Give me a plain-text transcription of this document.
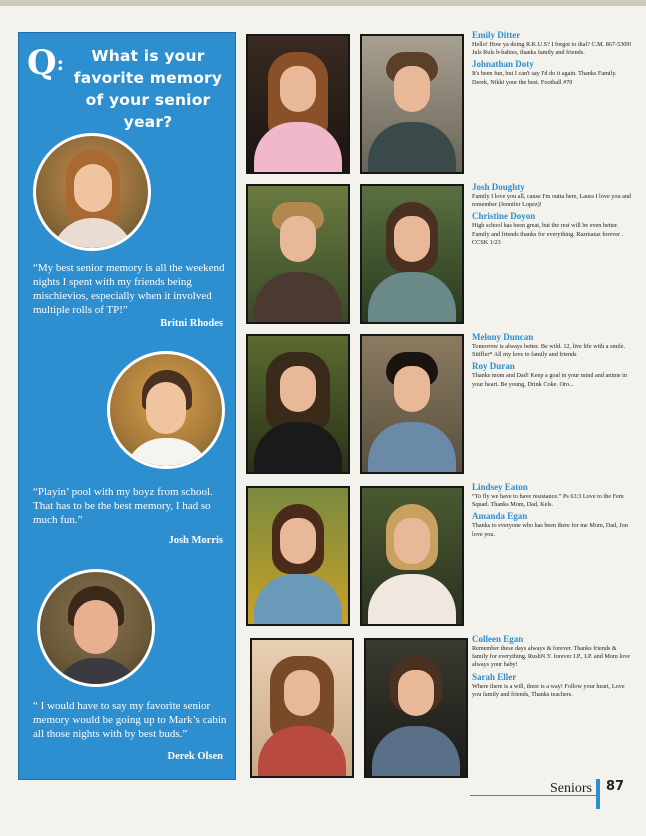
Q:	What is your favorite memory of your senior year?
“My best senior memory is all the weekend nights I spent with my friends being mischievios, especially when it involved multiple rolls of TP!”
Britni Rhodes
“Playin’ pool with my boyz from school. That has to be the best memory, I had so much fun.”
Josh Morris
“ I would have to say my favorite senior memory would be going up to Mark’s cabin all those nights with by best buds.”
Derek Olsen
Emily Ditter
Hello! How ya doing R.K.U.S? I forgot to dial? C.M. 867-5309! Juls Ruls b-babies, thanks family and friends.
Johnathan Doty
It's been fun, but I can't say I'd do it again. Thanks Family. Derek, Nikki your the best. Football #70
Josh Doughty
Family I love you all, cause I'm outta here, Laura I love you and remember (Jennifer Lopez)!
Christine Doyon
High school has been great, but the rest will be even better. Family and friends thanks for everything. Razmataz forever . CCSK 1/23
Melony Duncan
Tomorrow is always better. Be wild. 12, live life with a smile. Stiffler* All my love to family and friends
Roy Duran
Thanks mom and Dad! Keep a goal in your mind and anime in your heart. Be young, Drink Coke. Oro...
Lindsey Eaton
“To fly we have to have resistance.” Ps 63:3 Love to the Fem Squad. Thanks Mom, Dad, Kels.
Amanda Egan
Thanks to everyone who has been there for me Mom, Dad, Jon love you.
Colleen Egan
Remember these days always & forever. Thanks friends & family for everything. RushN.Y. forever J.P., LP. and Mom love always your baby!
Sarah Eller
Where there is a will, there is a way! Follow your heart, Love you family and friends, Thanks teachers.
Seniors 87
